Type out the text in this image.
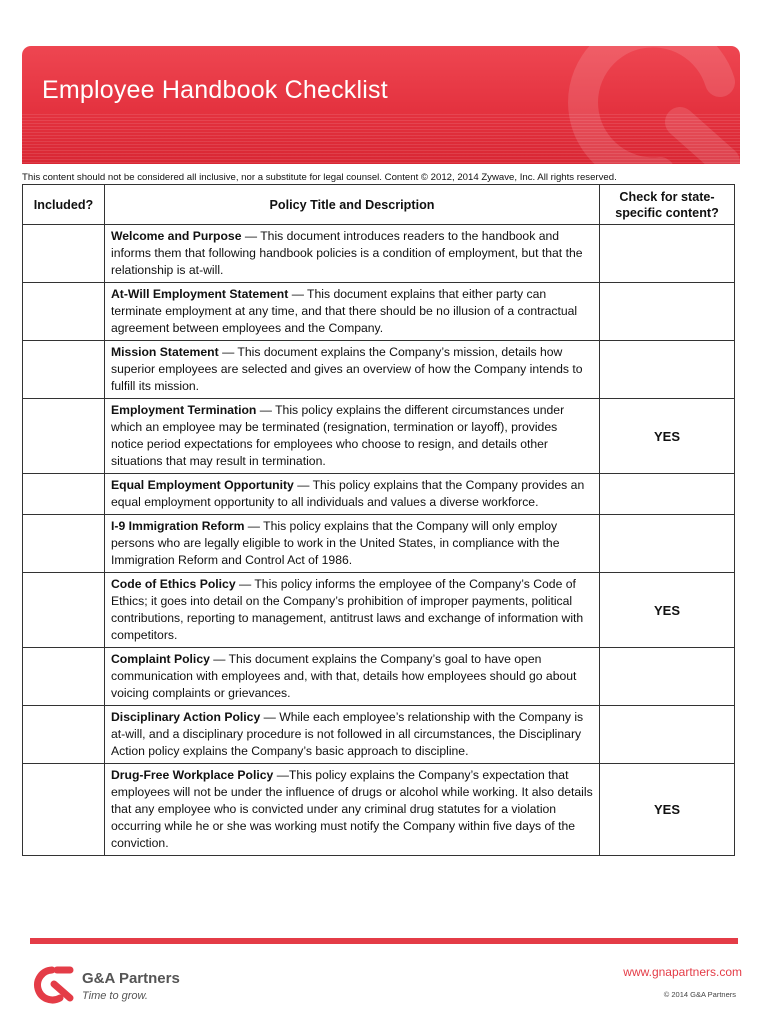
Employee Handbook Checklist
This content should not be considered all inclusive, nor a substitute for legal counsel. Content © 2012, 2014 Zywave, Inc. All rights reserved.
Included?	Policy Title and Description	Check for state-specific content?
	Welcome and Purpose — This document introduces readers to the handbook and informs them that following handbook policies is a condition of employment, but that the relationship is at-will.	
	At-Will Employment Statement — This document explains that either party can terminate employment at any time, and that there should be no illusion of a contractual agreement between employees and the Company.	
	Mission Statement — This document explains the Company’s mission, details how superior employees are selected and gives an overview of how the Company intends to fulfill its mission.	
	Employment Termination — This policy explains the different circumstances under which an employee may be terminated (resignation, termination or layoff), provides notice period expectations for employees who choose to resign, and details other situations that may result in termination.	YES
	Equal Employment Opportunity — This policy explains that the Company provides an equal employment opportunity to all individuals and values a diverse workforce.	
	I-9 Immigration Reform — This policy explains that the Company will only employ persons who are legally eligible to work in the United States, in compliance with the Immigration Reform and Control Act of 1986.	
	Code of Ethics Policy — This policy informs the employee of the Company’s Code of Ethics; it goes into detail on the Company’s prohibition of improper payments, political contributions, reporting to management, antitrust laws and exchange of information with competitors.	YES
	Complaint Policy — This document explains the Company’s goal to have open communication with employees and, with that, details how employees should go about voicing complaints or grievances.	
	Disciplinary Action Policy — While each employee’s relationship with the Company is at-will, and a disciplinary procedure is not followed in all circumstances, the Disciplinary Action policy explains the Company’s basic approach to discipline.	
	Drug-Free Workplace Policy —This policy explains the Company’s expectation that employees will not be under the influence of drugs or alcohol while working. It also details that any employee who is convicted under any criminal drug statutes for a violation occurring while he or she was working must notify the Company within five days of the conviction.	YES
G&A Partners
Time to grow.
www.gnapartners.com
© 2014 G&A Partners
